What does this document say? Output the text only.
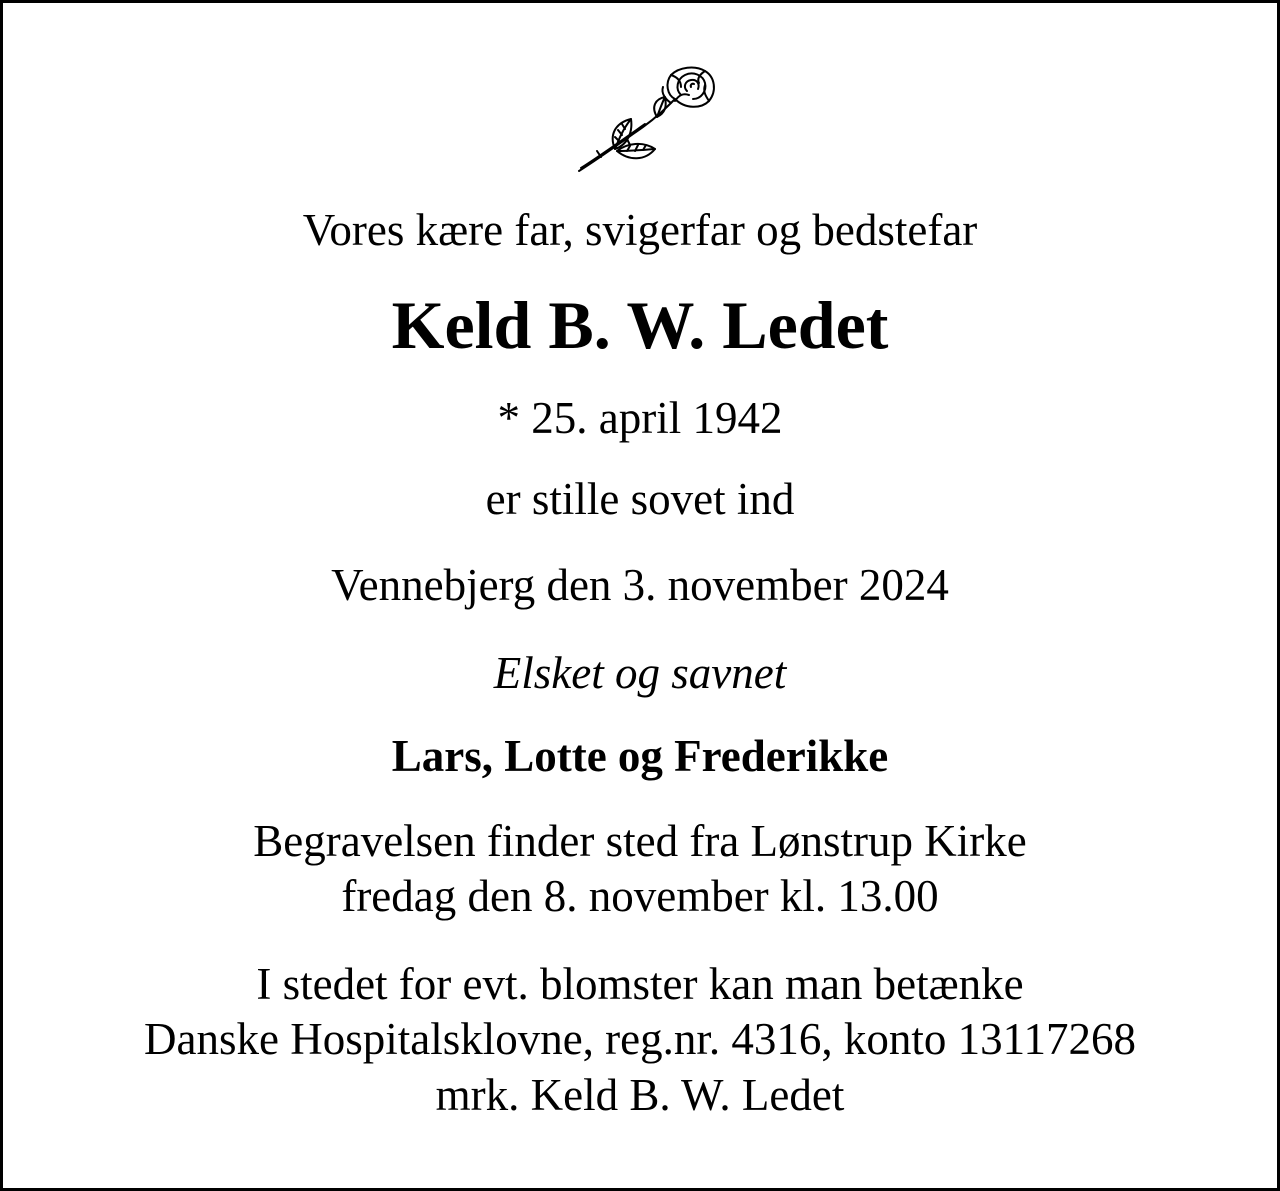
Vores kære far, svigerfar og bedstefar
Keld B. W. Ledet
* 25. april 1942
er stille sovet ind
Vennebjerg den 3. november 2024
Elsket og savnet
Lars, Lotte og Frederikke
Begravelsen finder sted fra Lønstrup Kirke
fredag den 8. november kl. 13.00
I stedet for evt. blomster kan man betænke
Danske Hospitalsklovne, reg.nr. 4316, konto 13117268
mrk. Keld B. W. Ledet
